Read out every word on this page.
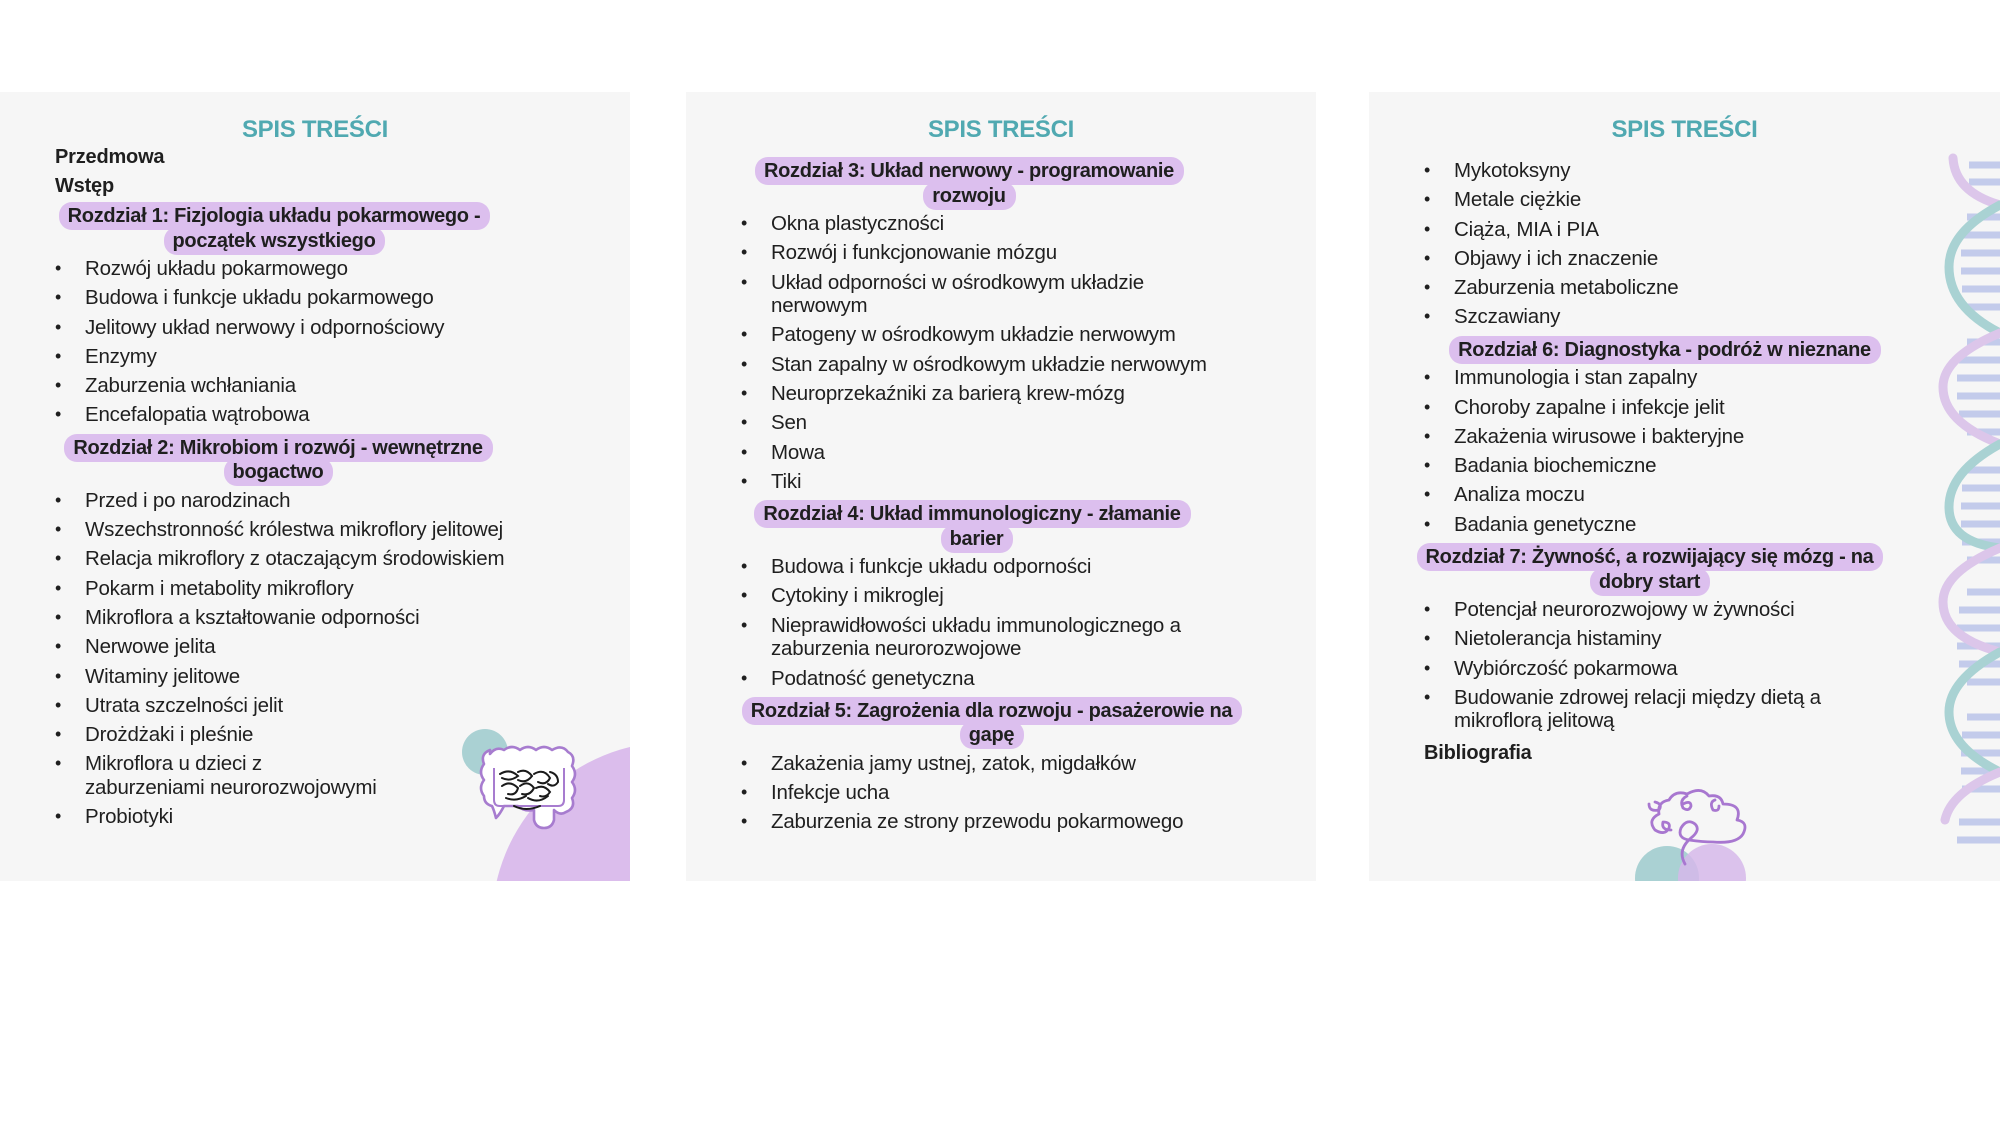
SPIS TREŚCI
Przedmowa
Wstęp
Rozdział 1: Fizjologia układu pokarmowego - początek wszystkiego
• Rozwój układu pokarmowego
• Budowa i funkcje układu pokarmowego
• Jelitowy układ nerwowy i odpornościowy
• Enzymy
• Zaburzenia wchłaniania
• Encefalopatia wątrobowa
Rozdział 2: Mikrobiom i rozwój - wewnętrzne bogactwo
• Przed i po narodzinach
• Wszechstronność królestwa mikroflory jelitowej
• Relacja mikroflory z otaczającym środowiskiem
• Pokarm i metabolity mikroflory
• Mikroflora a kształtowanie odporności
• Nerwowe jelita
• Witaminy jelitowe
• Utrata szczelności jelit
• Drożdżaki i pleśnie
• Mikroflora u dzieci z zaburzeniami neurorozwojowymi
• Probiotyki
SPIS TREŚCI
Rozdział 3: Układ nerwowy - programowanie rozwoju
• Okna plastyczności
• Rozwój i funkcjonowanie mózgu
• Układ odporności w ośrodkowym układzie nerwowym
• Patogeny w ośrodkowym układzie nerwowym
• Stan zapalny w ośrodkowym układzie nerwowym
• Neuroprzekaźniki za barierą krew-mózg
• Sen
• Mowa
• Tiki
Rozdział 4: Układ immunologiczny - złamanie barier
• Budowa i funkcje układu odporności
• Cytokiny i mikroglej
• Nieprawidłowości układu immunologicznego a zaburzenia neurorozwojowe
• Podatność genetyczna
Rozdział 5: Zagrożenia dla rozwoju - pasażerowie na gapę
• Zakażenia jamy ustnej, zatok, migdałków
• Infekcje ucha
• Zaburzenia ze strony przewodu pokarmowego
SPIS TREŚCI
• Mykotoksyny
• Metale ciężkie
• Ciąża, MIA i PIA
• Objawy i ich znaczenie
• Zaburzenia metaboliczne
• Szczawiany
Rozdział 6: Diagnostyka - podróż w nieznane
• Immunologia i stan zapalny
• Choroby zapalne i infekcje jelit
• Zakażenia wirusowe i bakteryjne
• Badania biochemiczne
• Analiza moczu
• Badania genetyczne
Rozdział 7: Żywność, a rozwijający się mózg - na dobry start
• Potencjał neurorozwojowy w żywności
• Nietolerancja histaminy
• Wybiórczość pokarmowa
• Budowanie zdrowej relacji między dietą a mikroflorą jelitową
Bibliografia
